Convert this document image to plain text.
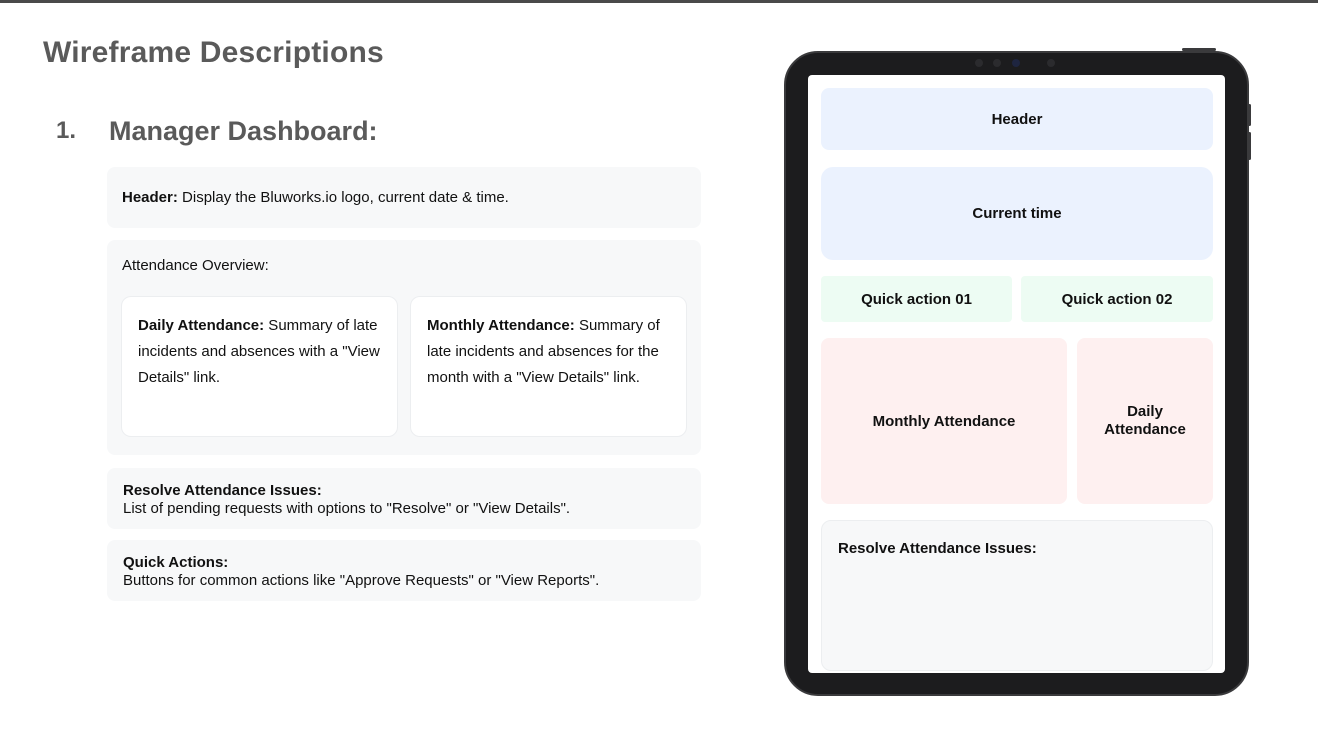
Wireframe Descriptions
1. Manager Dashboard:
Header: Display the Bluworks.io logo, current date & time.
Attendance Overview:
Daily Attendance: Summary of late incidents and absences with a "View Details" link.
Monthly Attendance: Summary of late incidents and absences for the month with a "View Details" link.
Resolve Attendance Issues:
List of pending requests with options to "Resolve" or "View Details".
Quick Actions:
Buttons for common actions like "Approve Requests" or "View Reports".
Header
Current time
Quick action 01	Quick action 02
Monthly Attendance
Daily Attendance
Resolve Attendance Issues:
